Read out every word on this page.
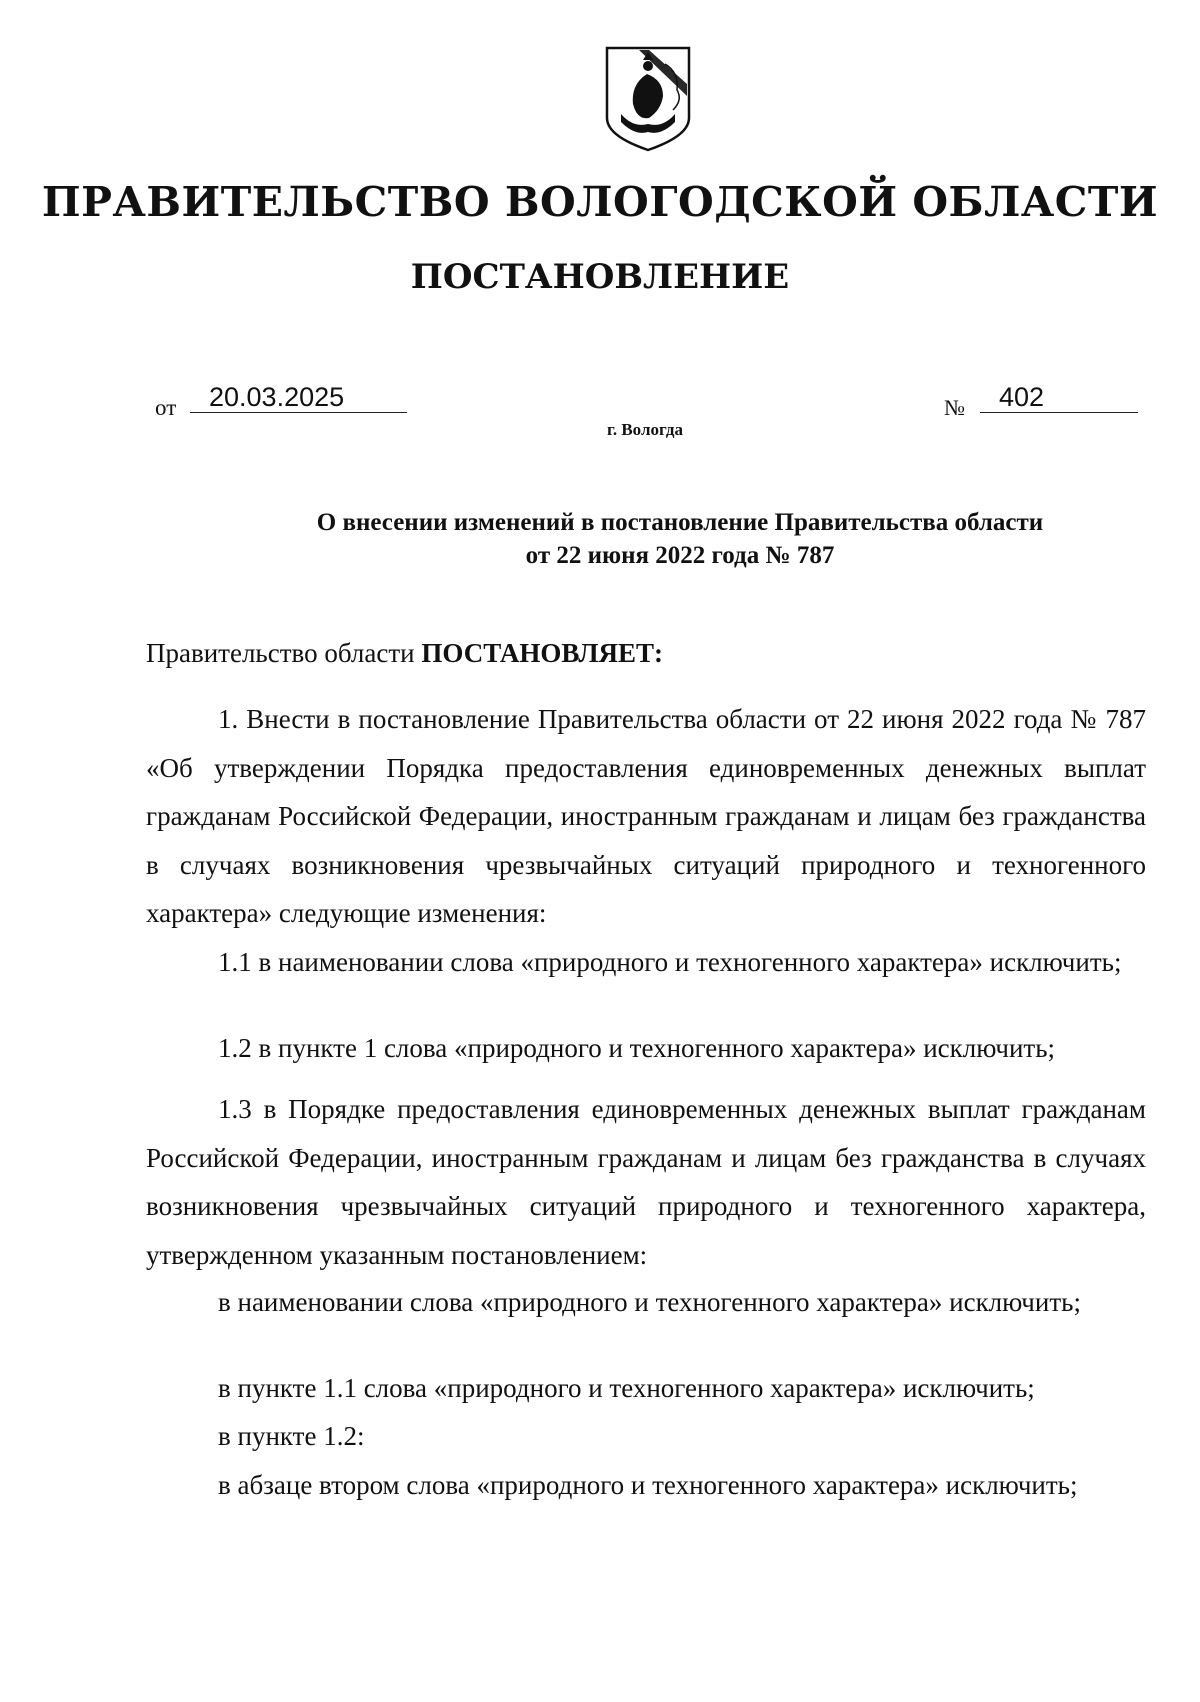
ПРАВИТЕЛЬСТВО ВОЛОГОДСКОЙ ОБЛАСТИ
ПОСТАНОВЛЕНИЕ
от 20.03.2025	№ 402
г. Вологда
О внесении изменений в постановление Правительства области
от 22 июня 2022 года № 787
Правительство области ПОСТАНОВЛЯЕТ:
1. Внести в постановление Правительства области от 22 июня 2022 года № 787 «Об утверждении Порядка предоставления единовременных денежных выплат гражданам Российской Федерации, иностранным гражданам и лицам без гражданства в случаях возникновения чрезвычайных ситуаций природного и техногенного характера» следующие изменения:
1.1 в наименовании слова «природного и техногенного характера» исключить;
1.2 в пункте 1 слова «природного и техногенного характера» исключить;
1.3 в Порядке предоставления единовременных денежных выплат гражданам Российской Федерации, иностранным гражданам и лицам без гражданства в случаях возникновения чрезвычайных ситуаций природного и техногенного характера, утвержденном указанным постановлением:
в наименовании слова «природного и техногенного характера» исключить;
в пункте 1.1 слова «природного и техногенного характера» исключить;
в пункте 1.2:
в абзаце втором слова «природного и техногенного характера» исключить;
